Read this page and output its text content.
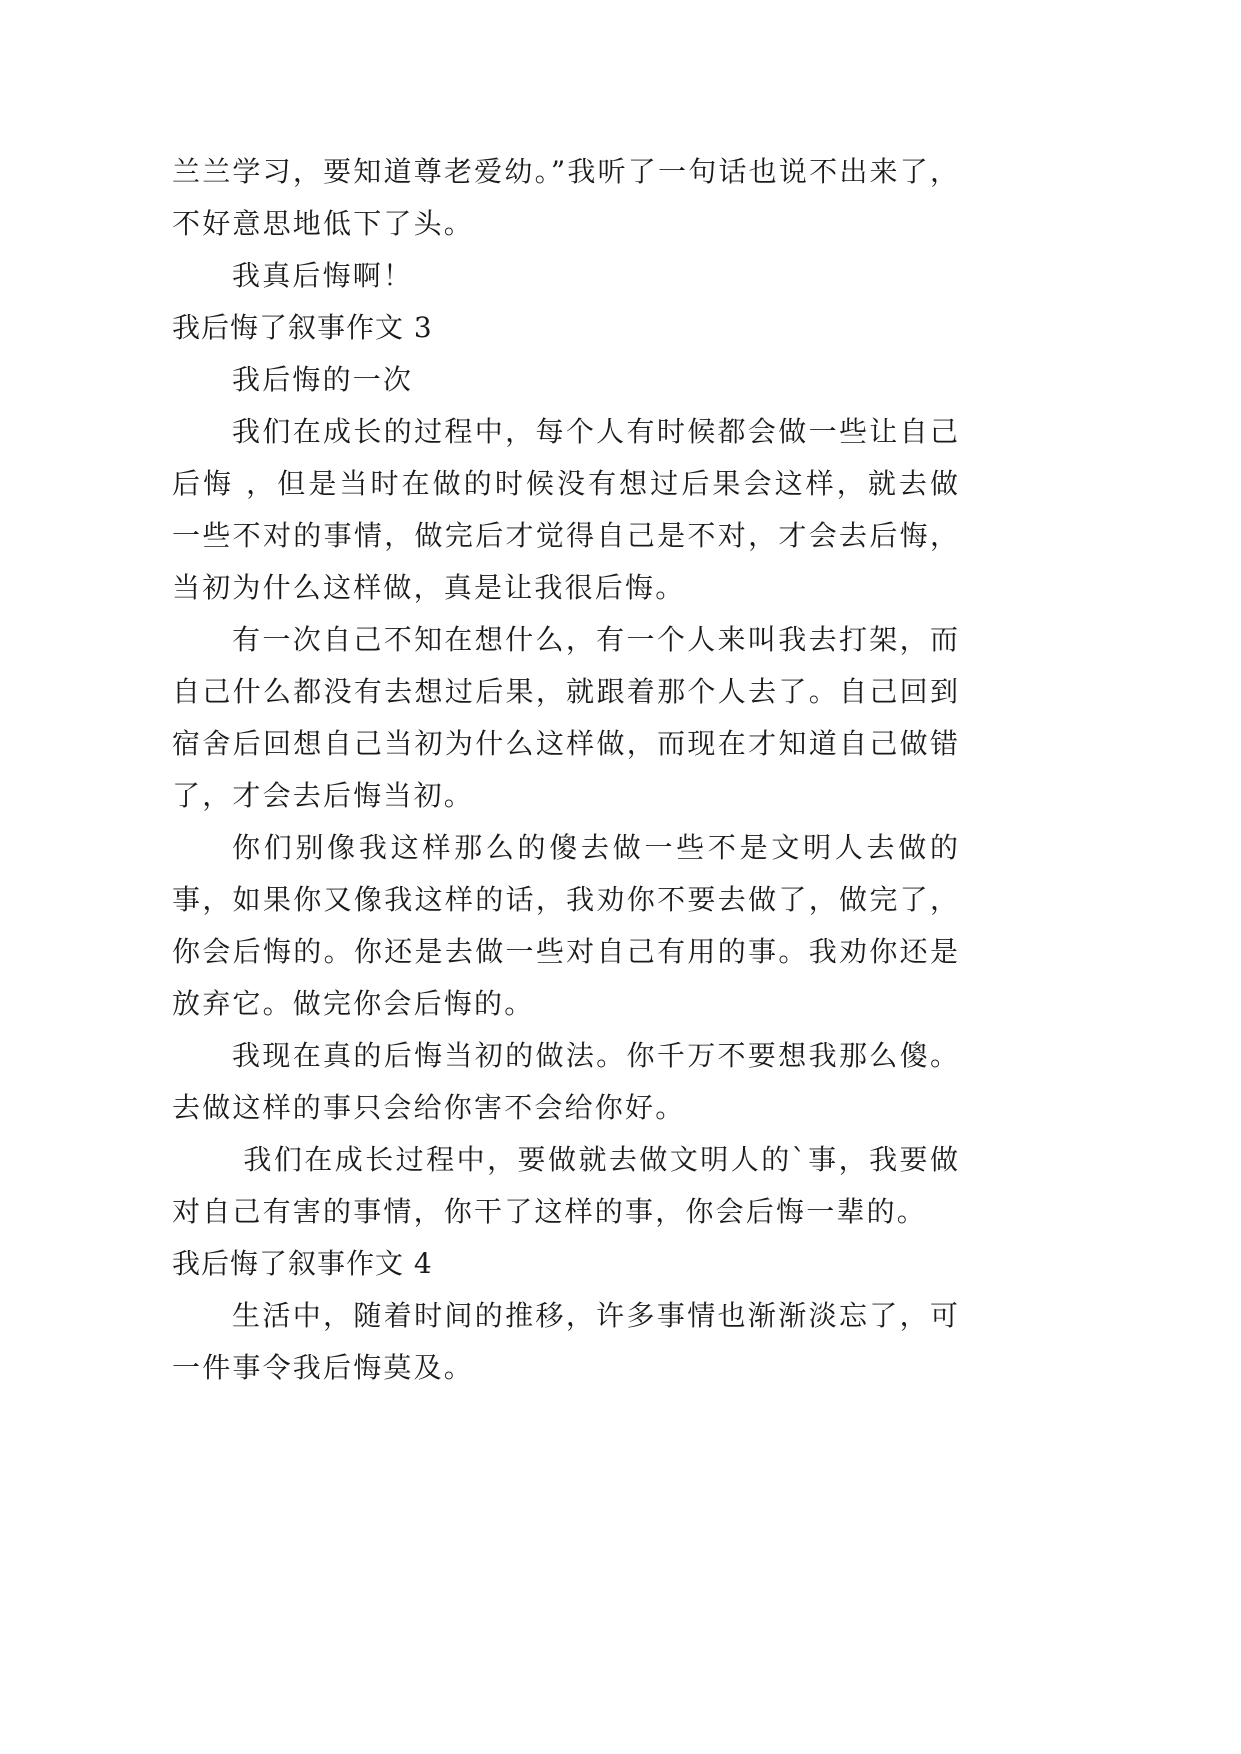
兰兰学习，要知道尊老爱幼。”我听了一句话也说不出来了，
不好意思地低下了头。
我真后悔啊！
我后悔了叙事作文 3
我后悔的一次
我们在成长的过程中，每个人有时候都会做一些让自己
后悔 ，但是当时在做的时候没有想过后果会这样，就去做
一些不对的事情，做完后才觉得自己是不对，才会去后悔，
当初为什么这样做，真是让我很后悔。
有一次自己不知在想什么，有一个人来叫我去打架，而
自己什么都没有去想过后果，就跟着那个人去了。自己回到
宿舍后回想自己当初为什么这样做，而现在才知道自己做错
了，才会去后悔当初。
你们别像我这样那么的傻去做一些不是文明人去做的
事，如果你又像我这样的话，我劝你不要去做了，做完了，
你会后悔的。你还是去做一些对自己有用的事。我劝你还是
放弃它。做完你会后悔的。
我现在真的后悔当初的做法。你千万不要想我那么傻。
去做这样的事只会给你害不会给你好。
我们在成长过程中，要做就去做文明人的`事，我要做
对自己有害的事情，你干了这样的事，你会后悔一辈的。
我后悔了叙事作文 4
生活中，随着时间的推移，许多事情也渐渐淡忘了，可
一件事令我后悔莫及。
